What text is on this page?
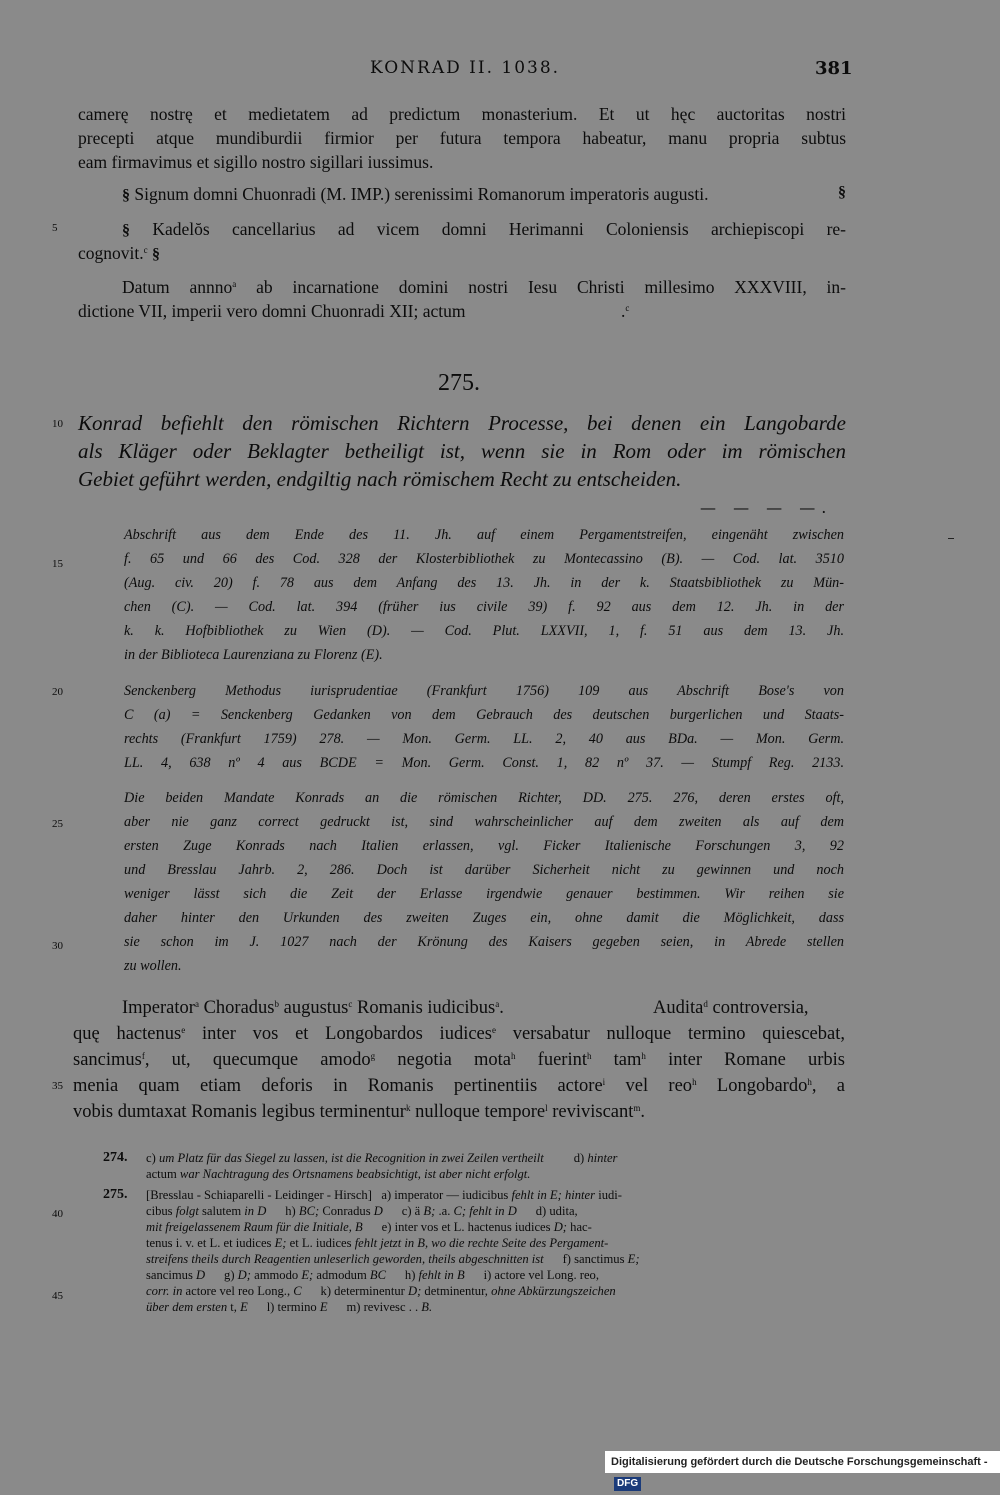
KONRAD II. 1038.	381
5
10
15
20
25
30
35
40
45
camerę nostrę et medietatem ad predictum monasterium. Et ut hęc auctoritas nostri
precepti atque mundiburdii firmior per futura tempora habeatur, manu propria subtus
eam firmavimus et sigillo nostro sigillari iussimus.
§ Signum domni Chuonradi (M. IMP.) serenissimi Romanorum imperatoris augusti.	§
§ Kadelŏs cancellarius ad vicem domni Herimanni Coloniensis archiepiscopi re-
cognovit.$^c$ §
Datum annno$^a$ ab incarnatione domini nostri Iesu Christi millesimo XXXVIII, in-
dictione VII, imperii vero domni Chuonradi XII; actum	.$^c$
275.
Konrad befiehlt den römischen Richtern Processe, bei denen ein Langobarde
als Kläger oder Beklagter betheiligt ist, wenn sie in Rom oder im römischen
Gebiet geführt werden, endgiltig nach römischem Recht zu entscheiden.
— — — —.
Abschrift aus dem Ende des 11. Jh. auf einem Pergamentstreifen, eingenäht zwischen
f. 65 und 66 des Cod. 328 der Klosterbibliothek zu Montecassino (B). — Cod. lat. 3510
(Aug. civ. 20) f. 78 aus dem Anfang des 13. Jh. in der k. Staatsbibliothek zu Mün-
chen (C). — Cod. lat. 394 (früher ius civile 39) f. 92 aus dem 12. Jh. in der
k. k. Hofbibliothek zu Wien (D). — Cod. Plut. LXXVII, 1, f. 51 aus dem 13. Jh.
in der Biblioteca Laurenziana zu Florenz (E).
Senckenberg Methodus iurisprudentiae (Frankfurt 1756) 109 aus Abschrift Bose's von
C (a) = Senckenberg Gedanken von dem Gebrauch des deutschen burgerlichen und Staats-
rechts (Frankfurt 1759) 278. — Mon. Germ. LL. 2, 40 aus BDa. — Mon. Germ.
LL. 4, 638 nº 4 aus BCDE = Mon. Germ. Const. 1, 82 nº 37. — Stumpf Reg. 2133.
Die beiden Mandate Konrads an die römischen Richter, DD. 275. 276, deren erstes oft,
aber nie ganz correct gedruckt ist, sind wahrscheinlicher auf dem zweiten als auf dem
ersten Zuge Konrads nach Italien erlassen, vgl. Ficker Italienische Forschungen 3, 92
und Bresslau Jahrb. 2, 286. Doch ist darüber Sicherheit nicht zu gewinnen und noch
weniger lässt sich die Zeit der Erlasse irgendwie genauer bestimmen. Wir reihen sie
daher hinter den Urkunden des zweiten Zuges ein, ohne damit die Möglichkeit, dass
sie schon im J. 1027 nach der Krönung des Kaisers gegeben seien, in Abrede stellen
zu wollen.
Imperator$^a$ Choradus$^b$ augustus$^c$ Romanis iudicibus$^a$.	Audita$^d$ controversia,
quę hactenus$^e$ inter vos et Longobardos iudices$^e$ versabatur nulloque termino quiescebat,
sancimus$^f$, ut, quecumque amodo$^g$ negotia mota$^h$ fuerint$^h$ tam$^h$ inter Romane urbis
menia quam etiam deforis in Romanis pertinentiis actore$^i$ vel reo$^h$ Longobardo$^h$, a
vobis dumtaxat Romanis legibus terminentur$^k$ nulloque tempore$^l$ reviviscant$^m$.
274. c) um Platz für das Siegel zu lassen, ist die Recognition in zwei Zeilen vertheilt d) hinter
actum war Nachtragung des Ortsnamens beabsichtigt, ist aber nicht erfolgt.
275. [Bresslau - Schiaparelli - Leidinger - Hirsch]   a) imperator — iudicibus fehlt in E; hinter iudi-
cibus folgt salutem in D      h) BC; Conradus D      c) ä B; .a. C; fehlt in D      d) udita,
mit freigelassenem Raum für die Initiale, B      e) inter vos et L. hactenus iudices D; hac-
tenus i. v. et L. et iudices E; et L. iudices fehlt jetzt in B, wo die rechte Seite des Pergament-
streifens theils durch Reagentien unleserlich geworden, theils abgeschnitten ist      f) sanctimus E;
sancimus D      g) D; ammodo E; admodum BC      h) fehlt in B      i) actore vel Long. reo,
corr. in actore vel reo Long., C      k) determinentur D; detminentur, ohne Abkürzungszeichen
über dem ersten t, E      l) termino E      m) revivesc . . B.
Digitalisierung gefördert durch die Deutsche Forschungsgemeinschaft -DFG
